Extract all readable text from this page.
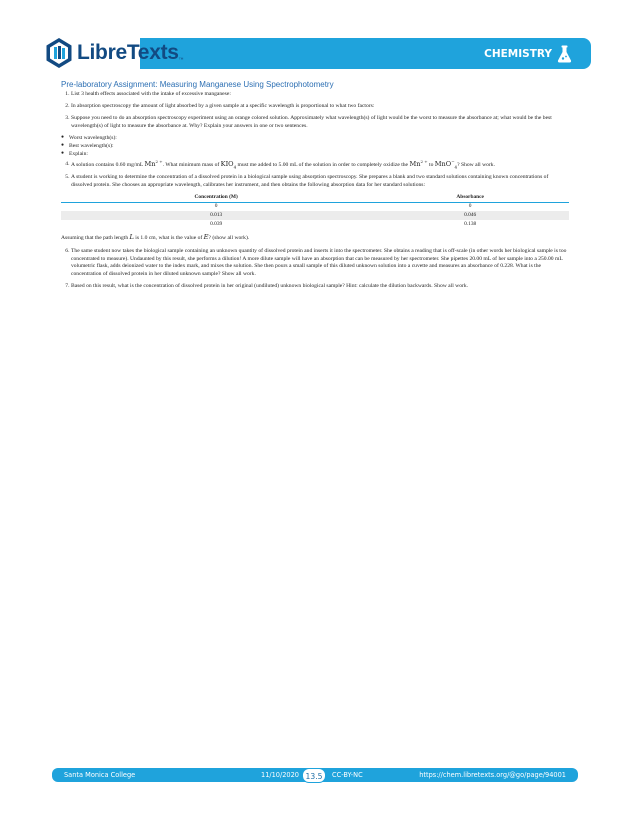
LibreTexts ™	CHEMISTRY
Pre-laboratory Assignment: Measuring Manganese Using Spectrophotometry
1. List 3 health effects associated with the intake of excessive manganese:
2. In absorption spectroscopy the amount of light absorbed by a given sample at a specific wavelength is proportional to what two factors:
3. Suppose you need to do an absorption spectroscopy experiment using an orange colored solution. Approximately what wavelength(s) of light would be the worst to measure the absorbance at; what would be the best wavelength(s) of light to measure the absorbance at. Why? Explain your answers in one or two sentences.
● Worst wavelength(s):
● Best wavelength(s):
● Explain:
4. A solution contains 0.60 mg/mL $Mn^{2 +}$. What minimum mass of $KIO_4$ must me added to 5.00 mL of the solution in order to completely oxidize the $Mn^{2 +}$ to MnO−$_4$? Show all work.
5. A student is working to determine the concentration of a dissolved protein in a biological sample using absorption spectroscopy. She prepares a blank and two standard solutions containing known concentrations of dissolved protein. She chooses an appropriate wavelength, calibrates her instrument, and then obtains the following absorption data for her standard solutions:
Concentration (M)	Absorbance
0	0
0.013	0.046
0.039	0.138
Assuming that the path length L is 1.0 cm, what is the value of E? (show all work).
6. The same student now takes the biological sample containing an unknown quantity of dissolved protein and inserts it into the spectrometer. She obtains a reading that is off-scale (in other words her biological sample is too concentrated to measure). Undaunted by this result, she performs a dilution! A more dilute sample will have an absorption that can be measured by her spectrometer. She pipettes 20.00 mL of her sample into a 250.00 mL volumetric flask, adds deionized water to the index mark, and mixes the solution. She then pours a small sample of this diluted unknown solution into a cuvette and measures an absorbance of 0.228. What is the concentration of dissolved protein in her diluted unknown sample? Show all work.
7. Based on this result, what is the concentration of dissolved protein in her original (undiluted) unknown biological sample? Hint: calculate the dilution backwards. Show all work.
Santa Monica College	11/10/2020 13.5	CC-BY-NC	https://chem.libretexts.org/@go/page/94001
